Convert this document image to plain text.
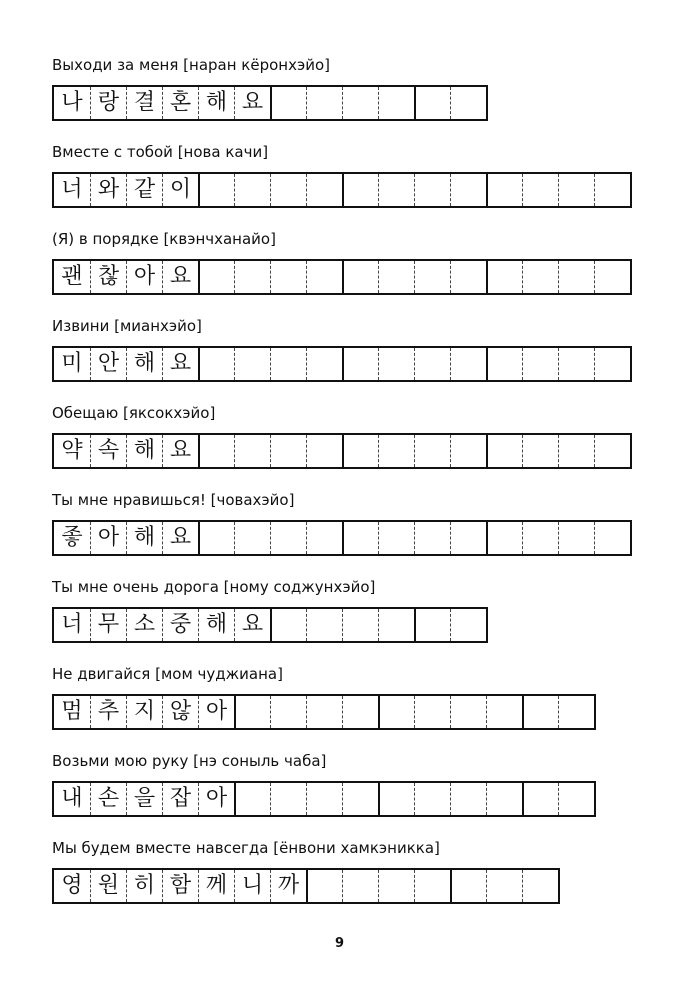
Выходи за меня [наран кёронхэйо]
나 랑 결 혼 해 요
Вместе с тобой [нова качи]
너 와 같 이
(Я) в порядке [квэнчханайо]
괜 찮 아 요
Извини [мианхэйо]
미 안 해 요
Обещаю [яксокхэйо]
약 속 해 요
Ты мне нравишься! [човахэйо]
좋 아 해 요
Ты мне очень дорога [ному соджунхэйо]
너 무 소 중 해 요
Не двигайся [мом чуджиана]
멈 추 지 않 아
Возьми мою руку [нэ соныль чаба]
내 손 을 잡 아
Мы будем вместе навсегда [ёнвони хамкэникка]
영 원 히 함 께 니 까
9
